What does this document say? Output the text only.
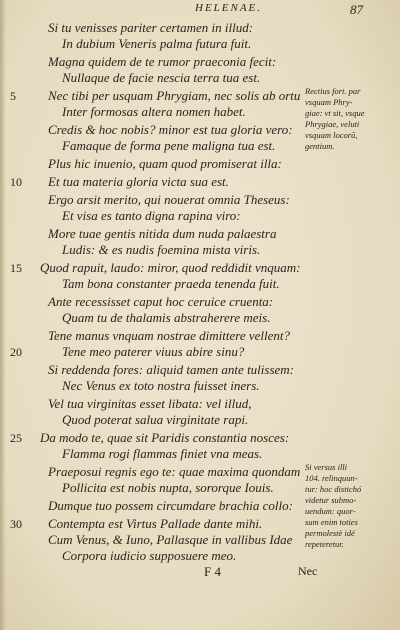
HELENAE.	87
Si tu venisses pariter certamen in illud:
In dubium Veneris palma futura fuit.
Magna quidem de te rumor praeconia fecit:
Nullaque de facie nescia terra tua est.
Nec tibi per usquam Phrygiam, nec solis ab ortu
Inter formosas altera nomen habet.
Credis & hoc nobis? minor est tua gloria vero:
Famaque de forma pene maligna tua est.
Plus hic inuenio, quam quod promiserat illa:
Et tua materia gloria victa sua est.
Ergo arsit merito, qui nouerat omnia Theseus:
Et visa es tanto digna rapina viro:
More tuae gentis nitida dum nuda palaestra
Ludis: & es nudis foemina mista viris.
Quod rapuit, laudo: miror, quod reddidit vnquam:
Tam bona constanter praeda tenenda fuit.
Ante recessisset caput hoc ceruice cruenta:
Quam tu de thalamis abstraherere meis.
Tene manus vnquam nostrae dimittere vellent?
Tene meo paterer viuus abire sinu?
Si reddenda fores: aliquid tamen ante tulissem:
Nec Venus ex toto nostra fuisset iners.
Vel tua virginitas esset libata: vel illud,
Quod poterat salua virginitate rapi.
Da modo te, quae sit Paridis constantia nosces:
Flamma rogi flammas finiet vna meas.
Praeposui regnis ego te: quae maxima quondam
Pollicita est nobis nupta, sororque Iouis.
Dumque tuo possem circumdare brachia collo:
Contempta est Virtus Pallade dante mihi.
Cum Venus, & Iuno, Pallasque in vallibus Idae
Corpora iudicio supposuere meo.
5
10
15
20
25
30
Rectius fort. par
vsquam Phry-
giae: vt sit, vsque
Phrygiae, veluti
vsquam locorũ,
gentium.
Si versus illi
104. relinquun-
tur: hoc distichó
videtur submo-
uendum: quor-
sum enim toties
permolestè idé
repeteretur.
F 4	Nec
